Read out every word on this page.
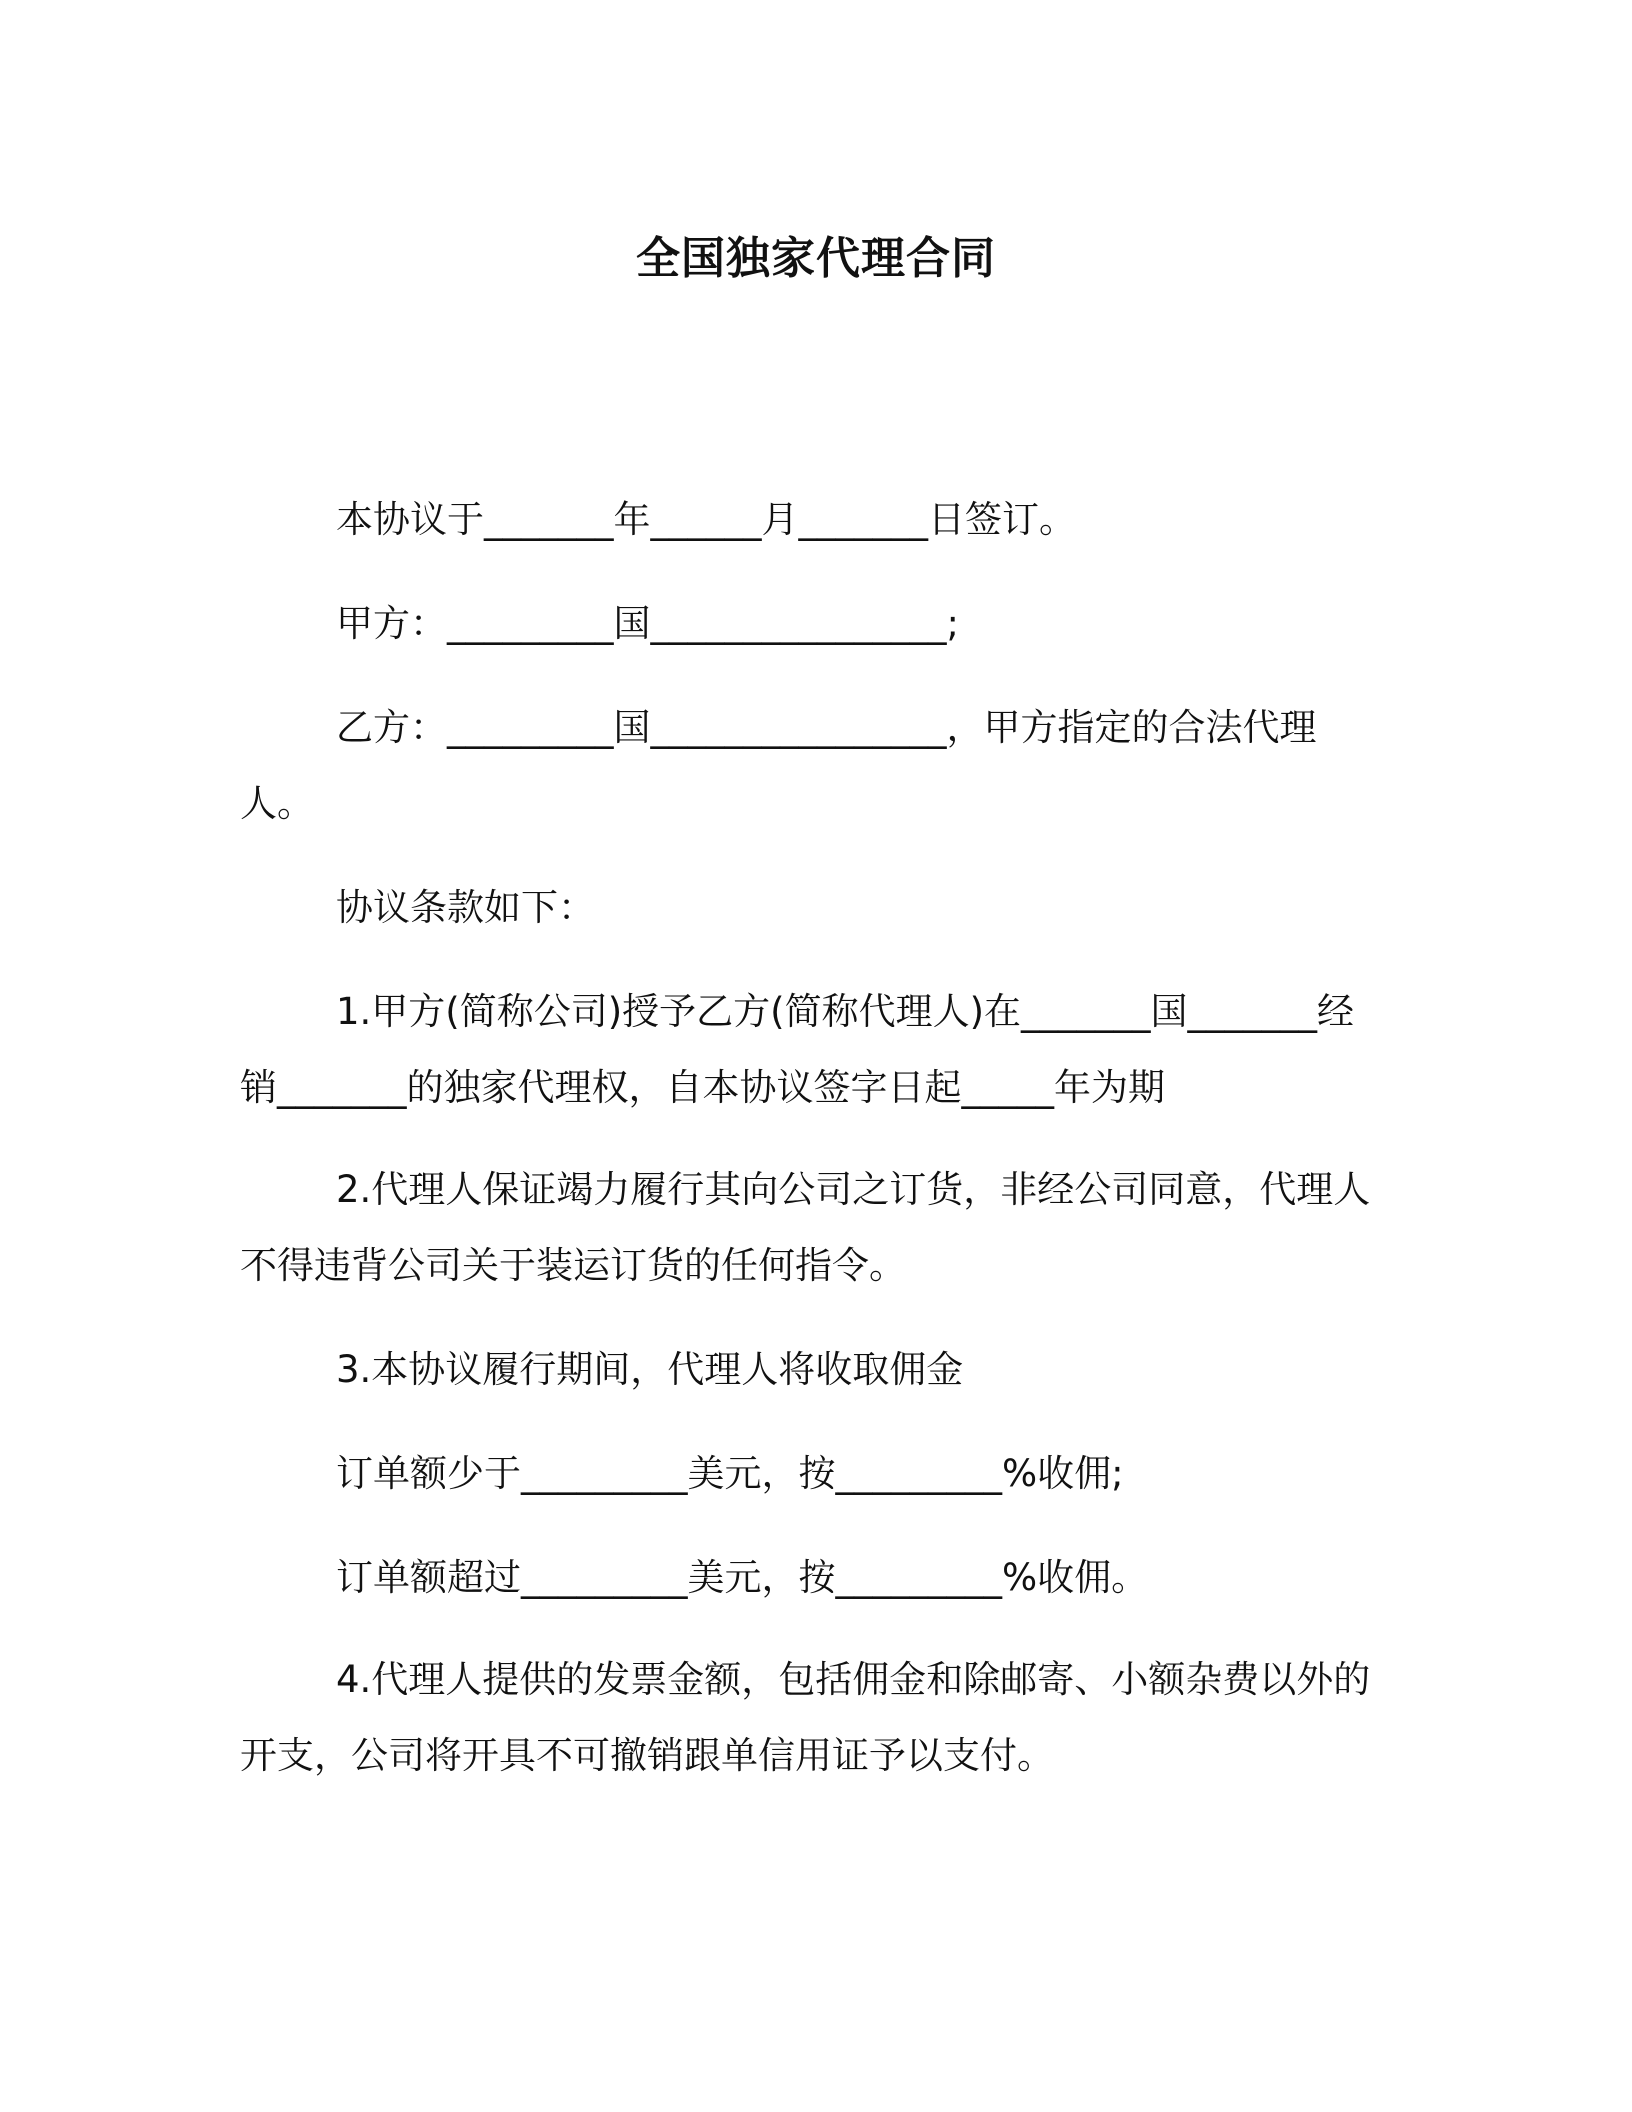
全国独家代理合同

本协议于_______年______月_______日签订。

甲方：_________国________________;

乙方：_________国________________，甲方指定的合法代理

人。

协议条款如下：

1.甲方(简称公司)授予乙方(简称代理人)在_______国_______经

销_______的独家代理权，自本协议签字日起_____年为期

2.代理人保证竭力履行其向公司之订货，非经公司同意，代理人

不得违背公司关于装运订货的任何指令。

3.本协议履行期间，代理人将收取佣金

订单额少于_________美元，按_________%收佣;

订单额超过_________美元，按_________%收佣。

4.代理人提供的发票金额，包括佣金和除邮寄、小额杂费以外的

开支，公司将开具不可撤销跟单信用证予以支付。
